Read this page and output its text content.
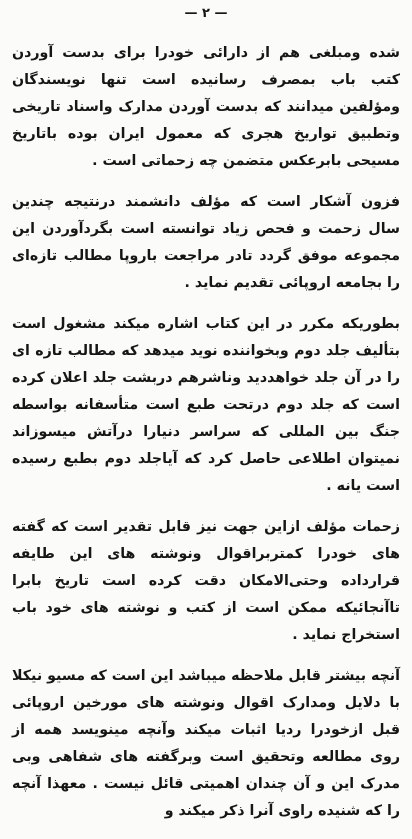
— ٢ —

شده ومبلغی هم از دارائی خودرا برای بدست آوردن کتب باب بمصرف رسانیده است تنها نویسندگان ومؤلفین میدانند که بدست آوردن مدارک واسناد تاریخی وتطبیق تواریخ هجری که معمول ایران بوده باتاریخ مسیحی بابرعکس متضمن چه زحماتی است .

فزون آشکار است که مؤلف دانشمند درنتیجه چندین سال زحمت و فحص زیاد توانسته است بگردآوردن این مجموعه موفق گردد تادر مراجعت باروپا مطالب تازه‌ای را بجامعه اروپائی تقدیم نماید .

بطوریکه مکرر در این کتاب اشاره میکند مشغول است بتألیف جلد دوم وبخواننده نوید میدهد که مطالب تازه ای را در آن جلد خواهددید وناشرهم دربشت جلد اعلان کرده است که جلد دوم درتحت طبع است متأسفانه بواسطه جنگ بین المللی که سراسر دنیارا درآتش میسوزاند نمیتوان اطلاعی حاصل کرد که آیاجلد دوم بطبع رسیده است یانه .

زحمات مؤلف ازاین جهت نیز قابل تقدیر است که گفته های خودرا کمتربراقوال ونوشته های این طایفه قرارداده وحتی‌الامکان دقت کرده است تاریخ بابرا تاآنجائیکه ممکن است از کتب و نوشته های خود باب استخراج نماید .

آنچه بیشتر قابل ملاحظه میباشد این است که مسیو نیکلا با دلایل ومدارک اقوال ونوشته های مورخین اروپائی قبل ازخودرا ردیا اثبات میکند وآنچه مینویسد همه از روی مطالعه وتحقیق است وبرگفته های شفاهی وبی مدرک این و آن چندان اهمیتی قائل نیست . معهذا آنچه را که شنیده راوی آنرا ذکر میکند و
